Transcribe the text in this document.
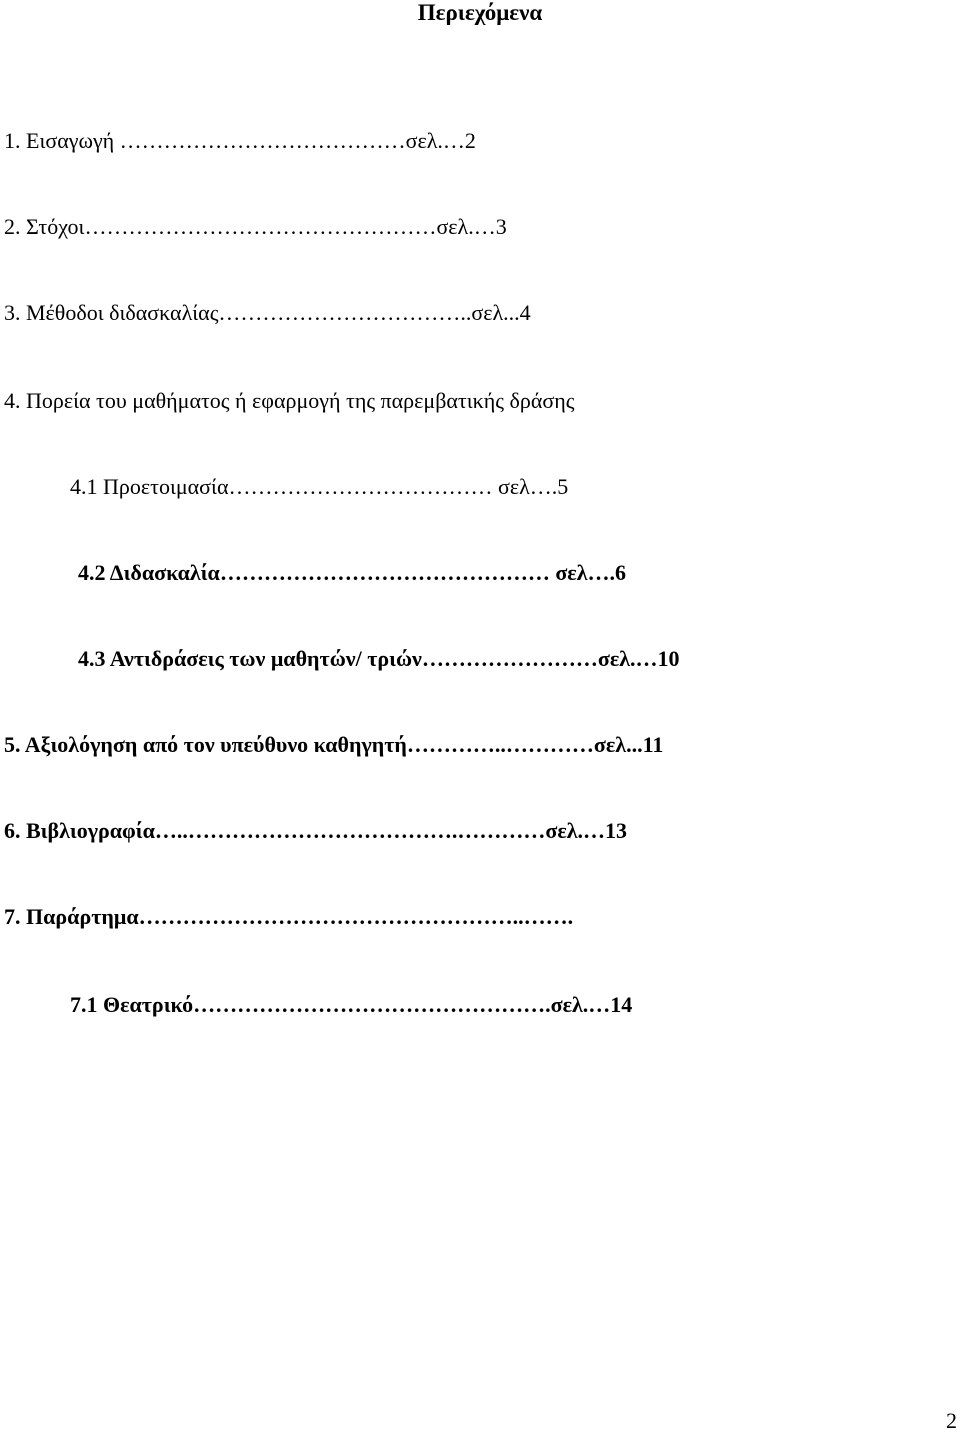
Περιεχόμενα
1. Εισαγωγή …………………………………σελ.…2
2. Στόχοι…………………………………………σελ.…3
3. Μέθοδοι διδασκαλίας……………………………..σελ...4
4. Πορεία του μαθήματος ή εφαρμογή της παρεμβατικής δράσης
4.1 Προετοιμασία……………………………… σελ….5
4.2 Διδασκαλία……………………………………… σελ….6
4.3 Αντιδράσεις των μαθητών/ τριών……………………σελ.…10
5. Αξιολόγηση από τον υπεύθυνο καθηγητή…………..…………σελ...11
6. Βιβλιογραφία…..……………………………….…………σελ.…13
7. Παράρτημα……………………………………………..…….
7.1 Θεατρικό………………………………………….σελ.…14
2
